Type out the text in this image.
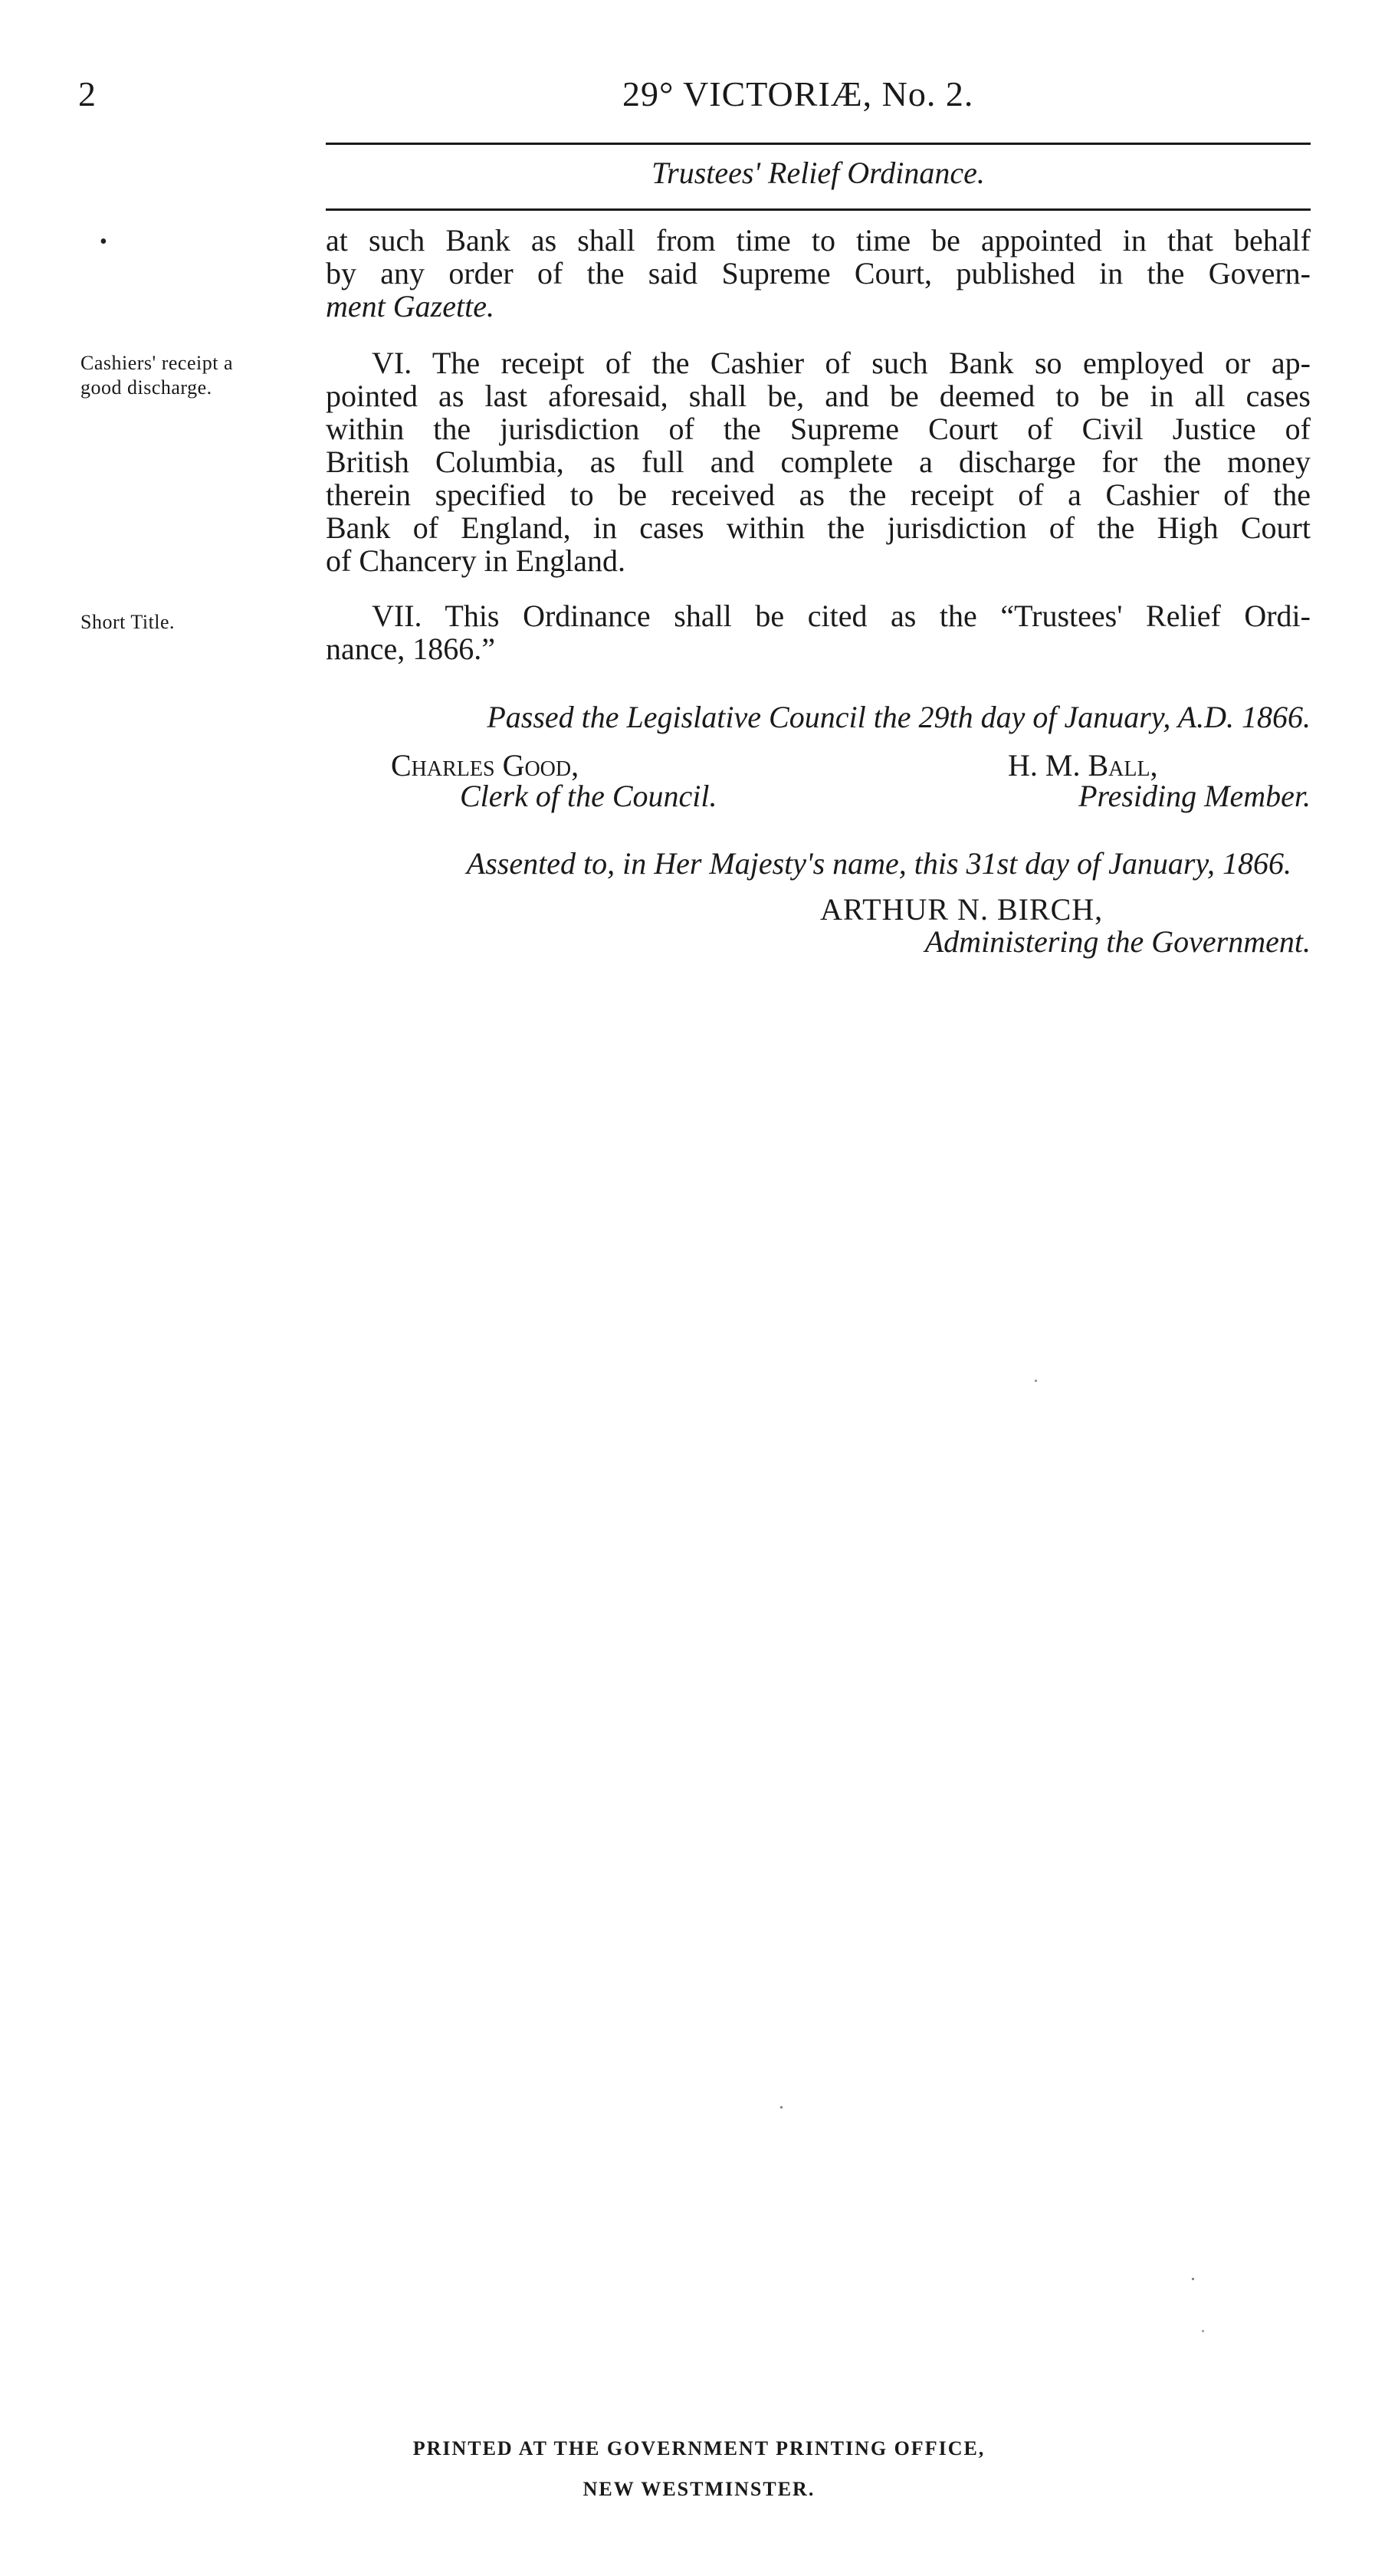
2	29° VICTORIÆ, No. 2.
Trustees' Relief Ordinance.
•	at such Bank as shall from time to time be appointed in that behalf
by any order of the said Supreme Court, published in the Govern-
ment Gazette.
Cashiers' receipt a
good discharge.
VI. The receipt of the Cashier of such Bank so employed or ap-
pointed as last aforesaid, shall be, and be deemed to be in all cases
within the jurisdiction of the Supreme Court of Civil Justice of
British Columbia, as full and complete a discharge for the money
therein specified to be received as the receipt of a Cashier of the
Bank of England, in cases within the jurisdiction of the High Court
of Chancery in England.
Short Title.	VII. This Ordinance shall be cited as the “Trustees' Relief Ordi-
nance, 1866.”
Passed the Legislative Council the 29th day of January, A.D. 1866.
Charles Good,
Clerk of the Council.
H. M. Ball,
Presiding Member.
Assented to, in Her Majesty's name, this 31st day of January, 1866.
ARTHUR N. BIRCH,
Administering the Government.
PRINTED AT THE GOVERNMENT PRINTING OFFICE,
NEW WESTMINSTER.
